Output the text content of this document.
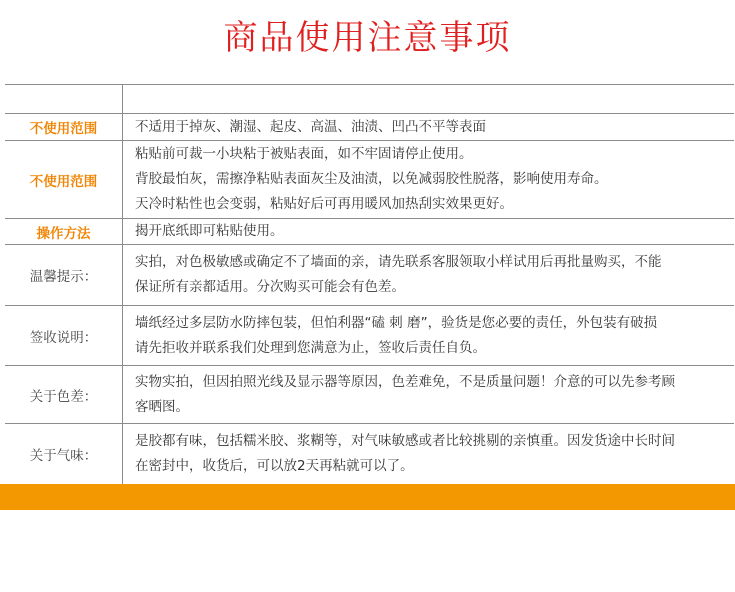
商品使用注意事项

不使用范围	不适用于掉灰、潮湿、起皮、高温、油渍、凹凸不平等表面

不使用范围	粘贴前可裁一小块粘于被贴表面，如不牢固请停止使用。
背胶最怕灰，需擦净粘贴表面灰尘及油渍，以免减弱胶性脱落，影响使用寿命。
天冷时粘性也会变弱，粘贴好后可再用暖风加热刮实效果更好。

操作方法	揭开底纸即可粘贴使用。

温馨提示：	实拍，对色极敏感或确定不了墙面的亲，请先联系客服领取小样试用后再批量购买，不能
保证所有亲都适用。分次购买可能会有色差。

签收说明：	墙纸经过多层防水防摔包装，但怕利器“磕 刺 磨”，验货是您必要的责任，外包装有破损
请先拒收并联系我们处理到您满意为止，签收后责任自负。

关于色差：	实物实拍，但因拍照光线及显示器等原因，色差难免，不是质量问题！介意的可以先参考顾
客晒图。

关于气味：	是胶都有味，包括糯米胶、浆糊等，对气味敏感或者比较挑剔的亲慎重。因发货途中长时间
在密封中，收货后，可以放2天再粘就可以了。
